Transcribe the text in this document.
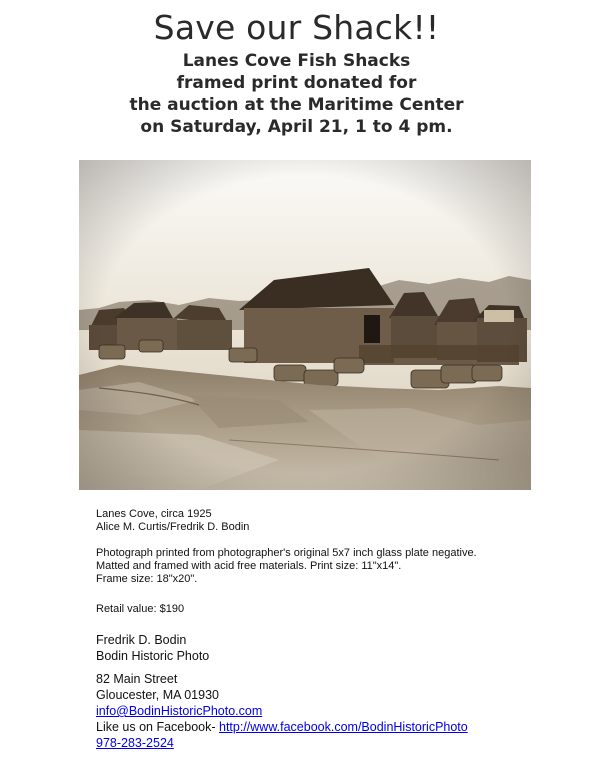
Save our Shack!!
Lanes Cove Fish Shacks
framed print donated for
the auction at the Maritime Center
on Saturday, April 21, 1 to 4 pm.
Lanes Cove, circa 1925
Alice M. Curtis/Fredrik D. Bodin
Photograph printed from photographer's original 5x7 inch glass plate negative.
Matted and framed with acid free materials. Print size: 11"x14".
Frame size: 18"x20".
Retail value: $190
Fredrik D. Bodin
Bodin Historic Photo
82 Main Street
Gloucester, MA 01930
info@BodinHistoricPhoto.com
Like us on Facebook- http://www.facebook.com/BodinHistoricPhoto
978-283-2524
